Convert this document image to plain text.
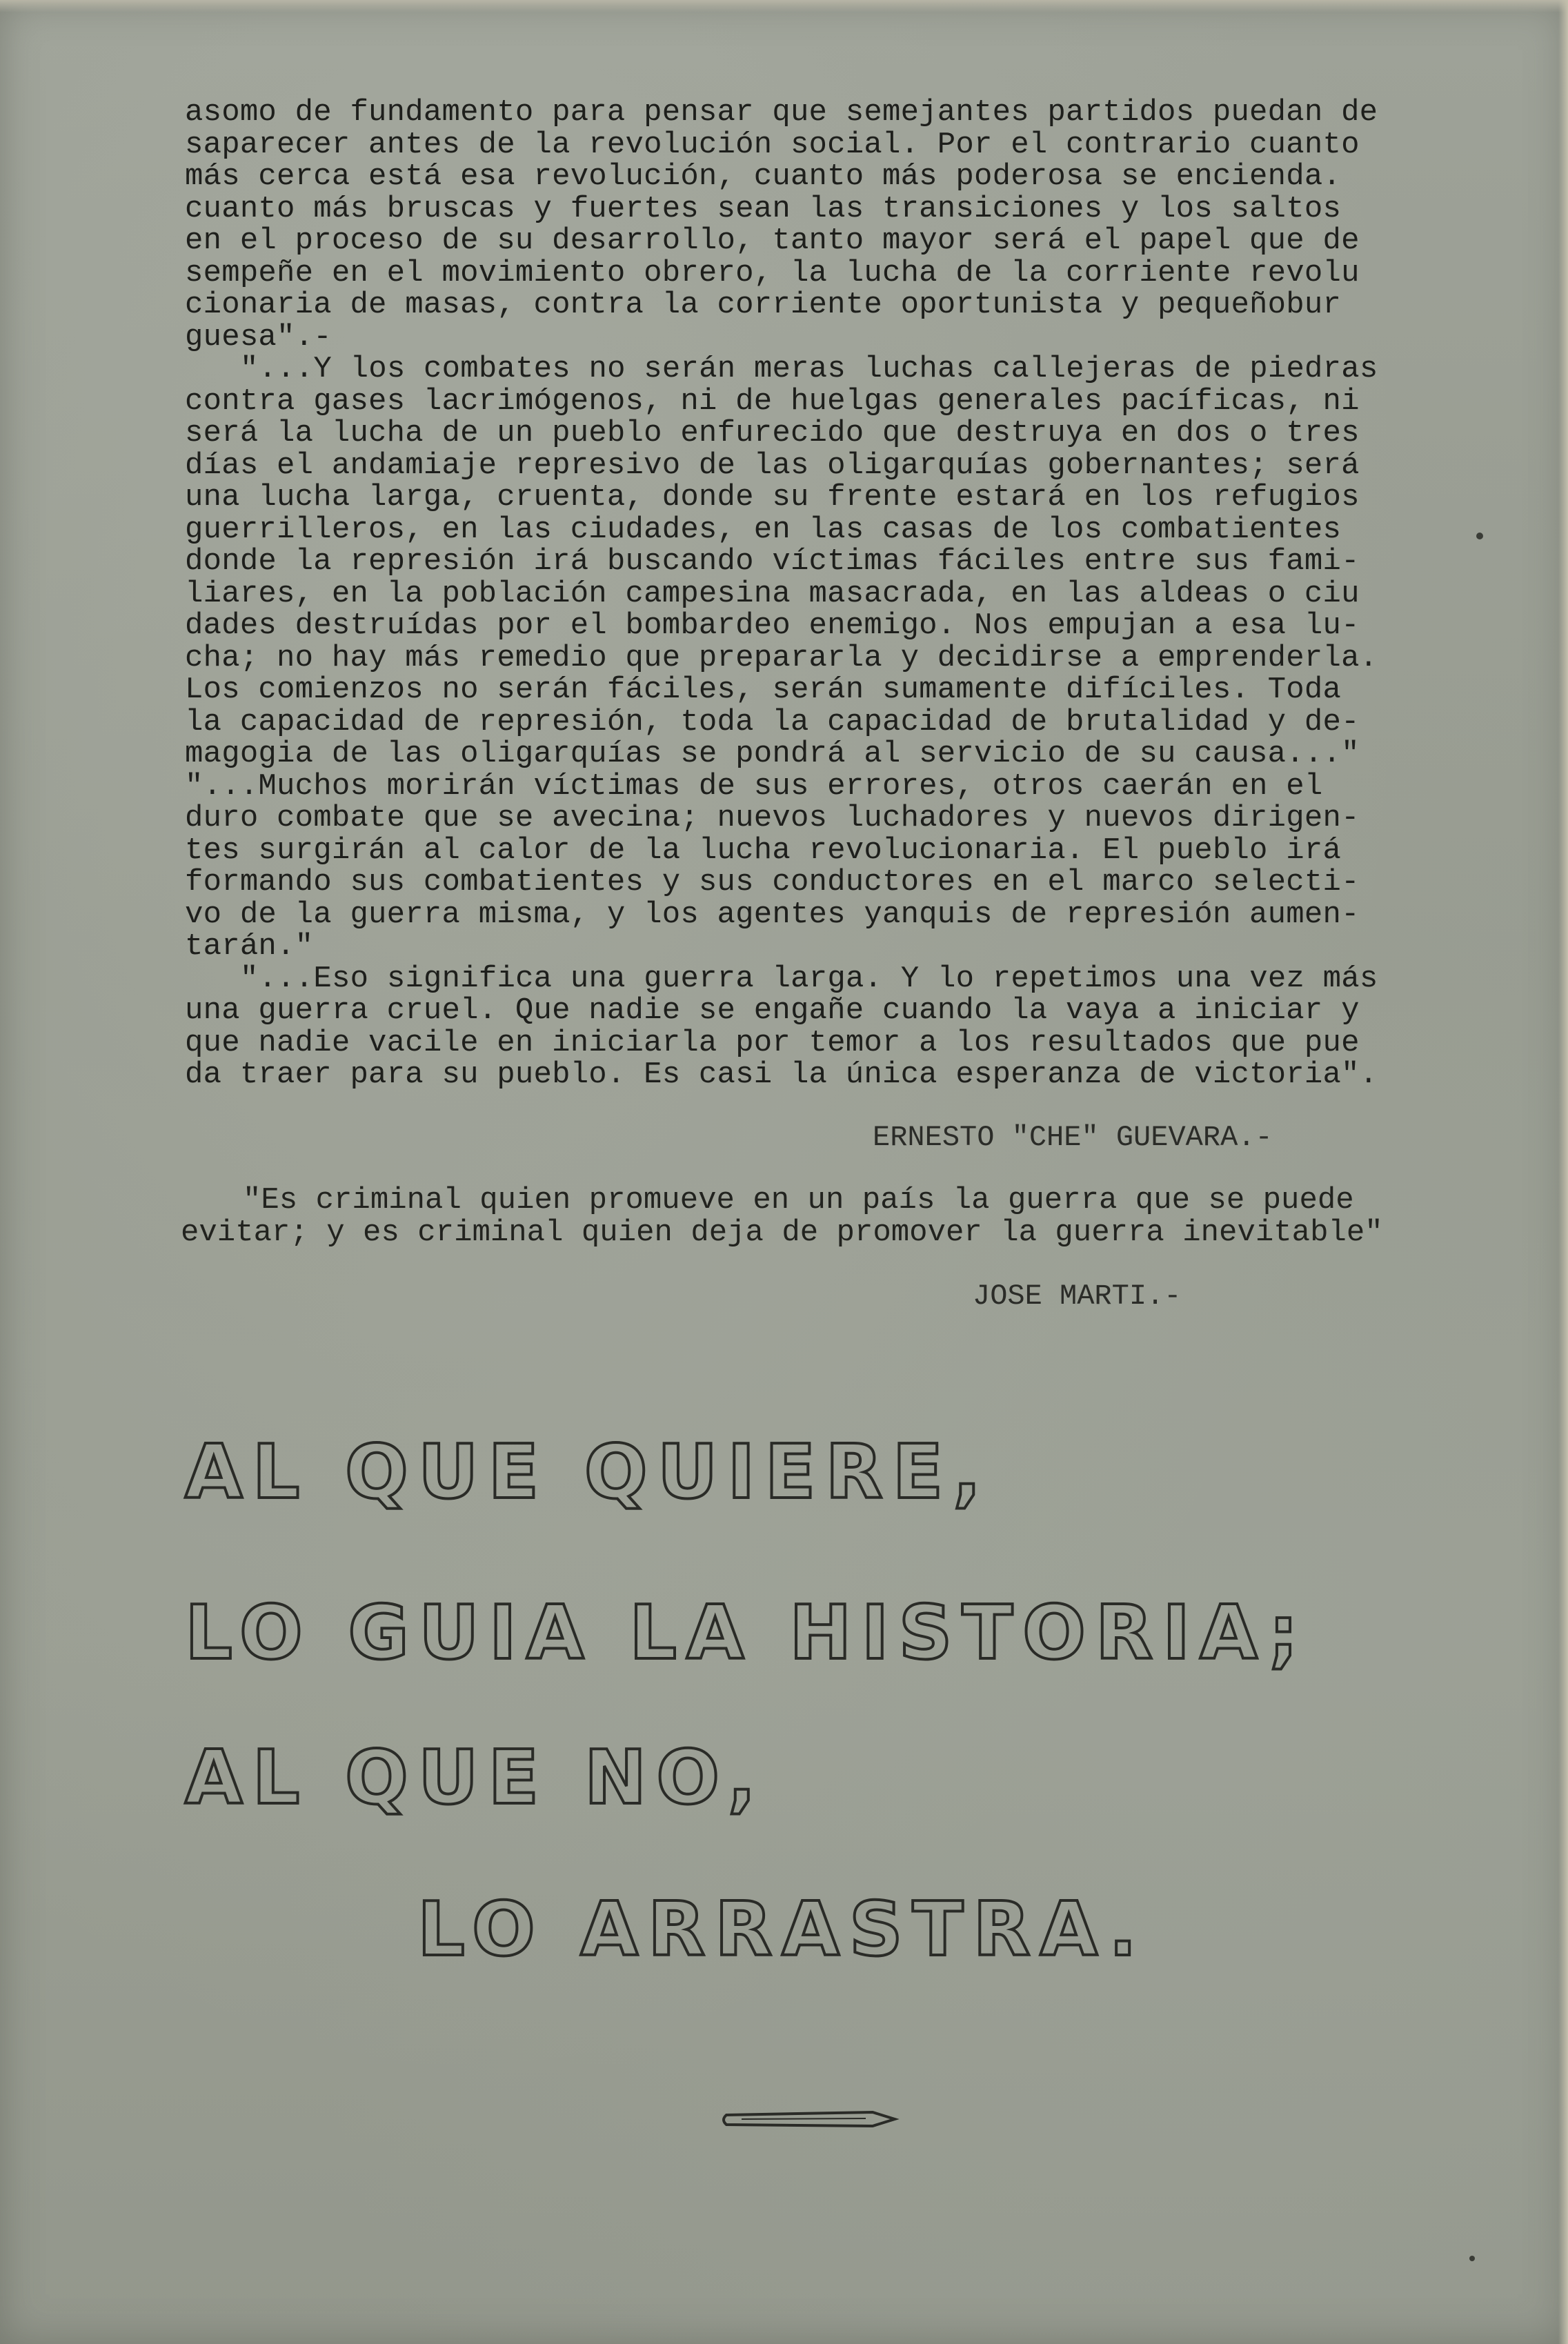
asomo de fundamento para pensar que semejantes partidos puedan de
saparecer antes de la revolución social. Por el contrario cuanto
más cerca está esa revolución, cuanto más poderosa se encienda.
cuanto más bruscas y fuertes sean las transiciones y los saltos
en el proceso de su desarrollo, tanto mayor será el papel que de
sempeñe en el movimiento obrero, la lucha de la corriente revolu
cionaria de masas, contra la corriente oportunista y pequeñobur
guesa".-
"...Y los combates no serán meras luchas callejeras de piedras
contra gases lacrimógenos, ni de huelgas generales pacíficas, ni
será la lucha de un pueblo enfurecido que destruya en dos o tres
días el andamiaje represivo de las oligarquías gobernantes; será
una lucha larga, cruenta, donde su frente estará en los refugios
guerrilleros, en las ciudades, en las casas de los combatientes
donde la represión irá buscando víctimas fáciles entre sus fami-
liares, en la población campesina masacrada, en las aldeas o ciu
dades destruídas por el bombardeo enemigo. Nos empujan a esa lu-
cha; no hay más remedio que prepararla y decidirse a emprenderla.
Los comienzos no serán fáciles, serán sumamente difíciles. Toda
la capacidad de represión, toda la capacidad de brutalidad y de-
magogia de las oligarquías se pondrá al servicio de su causa..."
"...Muchos morirán víctimas de sus errores, otros caerán en el
duro combate que se avecina; nuevos luchadores y nuevos dirigen-
tes surgirán al calor de la lucha revolucionaria. El pueblo irá
formando sus combatientes y sus conductores en el marco selecti-
vo de la guerra misma, y los agentes yanquis de represión aumen-
tarán."
"...Eso significa una guerra larga. Y lo repetimos una vez más
una guerra cruel. Que nadie se engañe cuando la vaya a iniciar y
que nadie vacile en iniciarla por temor a los resultados que pue
da traer para su pueblo. Es casi la única esperanza de victoria".
ERNESTO "CHE" GUEVARA.-
"Es criminal quien promueve en un país la guerra que se puede
evitar; y es criminal quien deja de promover la guerra inevitable"
JOSE MARTI.-
AL QUE QUIERE,
LO GUIA LA HISTORIA;
AL QUE NO,
LO ARRASTRA.
